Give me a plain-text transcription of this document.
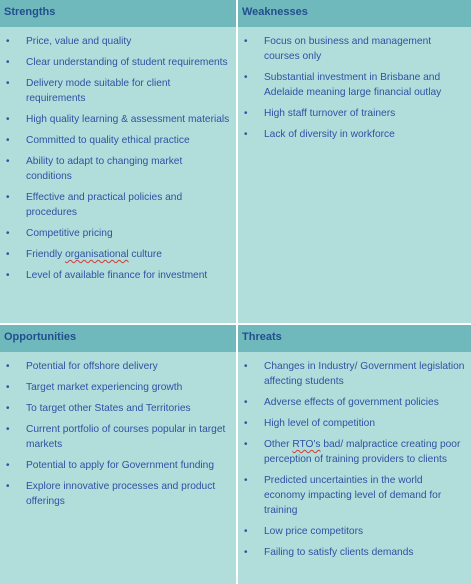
Strengths
• Price, value and quality
• Clear understanding of student requirements
• Delivery mode suitable for client requirements
• High quality learning & assessment materials
• Committed to quality ethical practice
• Ability to adapt to changing market conditions
• Effective and practical policies and procedures
• Competitive pricing
• Friendly organisational culture
• Level of available finance for investment
Weaknesses
• Focus on business and management courses only
• Substantial investment in Brisbane and Adelaide meaning large financial outlay
• High staff turnover of trainers
• Lack of diversity in workforce
Opportunities
• Potential for offshore delivery
• Target market experiencing growth
• To target other States and Territories
• Current portfolio of courses popular in target markets
• Potential to apply for Government funding
• Explore innovative processes and product offerings
Threats
• Changes in Industry/ Government legislation affecting students
• Adverse effects of government policies
• High level of competition
• Other RTO's bad/ malpractice creating poor perception of training providers to clients
• Predicted uncertainties in the world economy impacting level of demand for training
• Low price competitors
• Failing to satisfy clients demands
